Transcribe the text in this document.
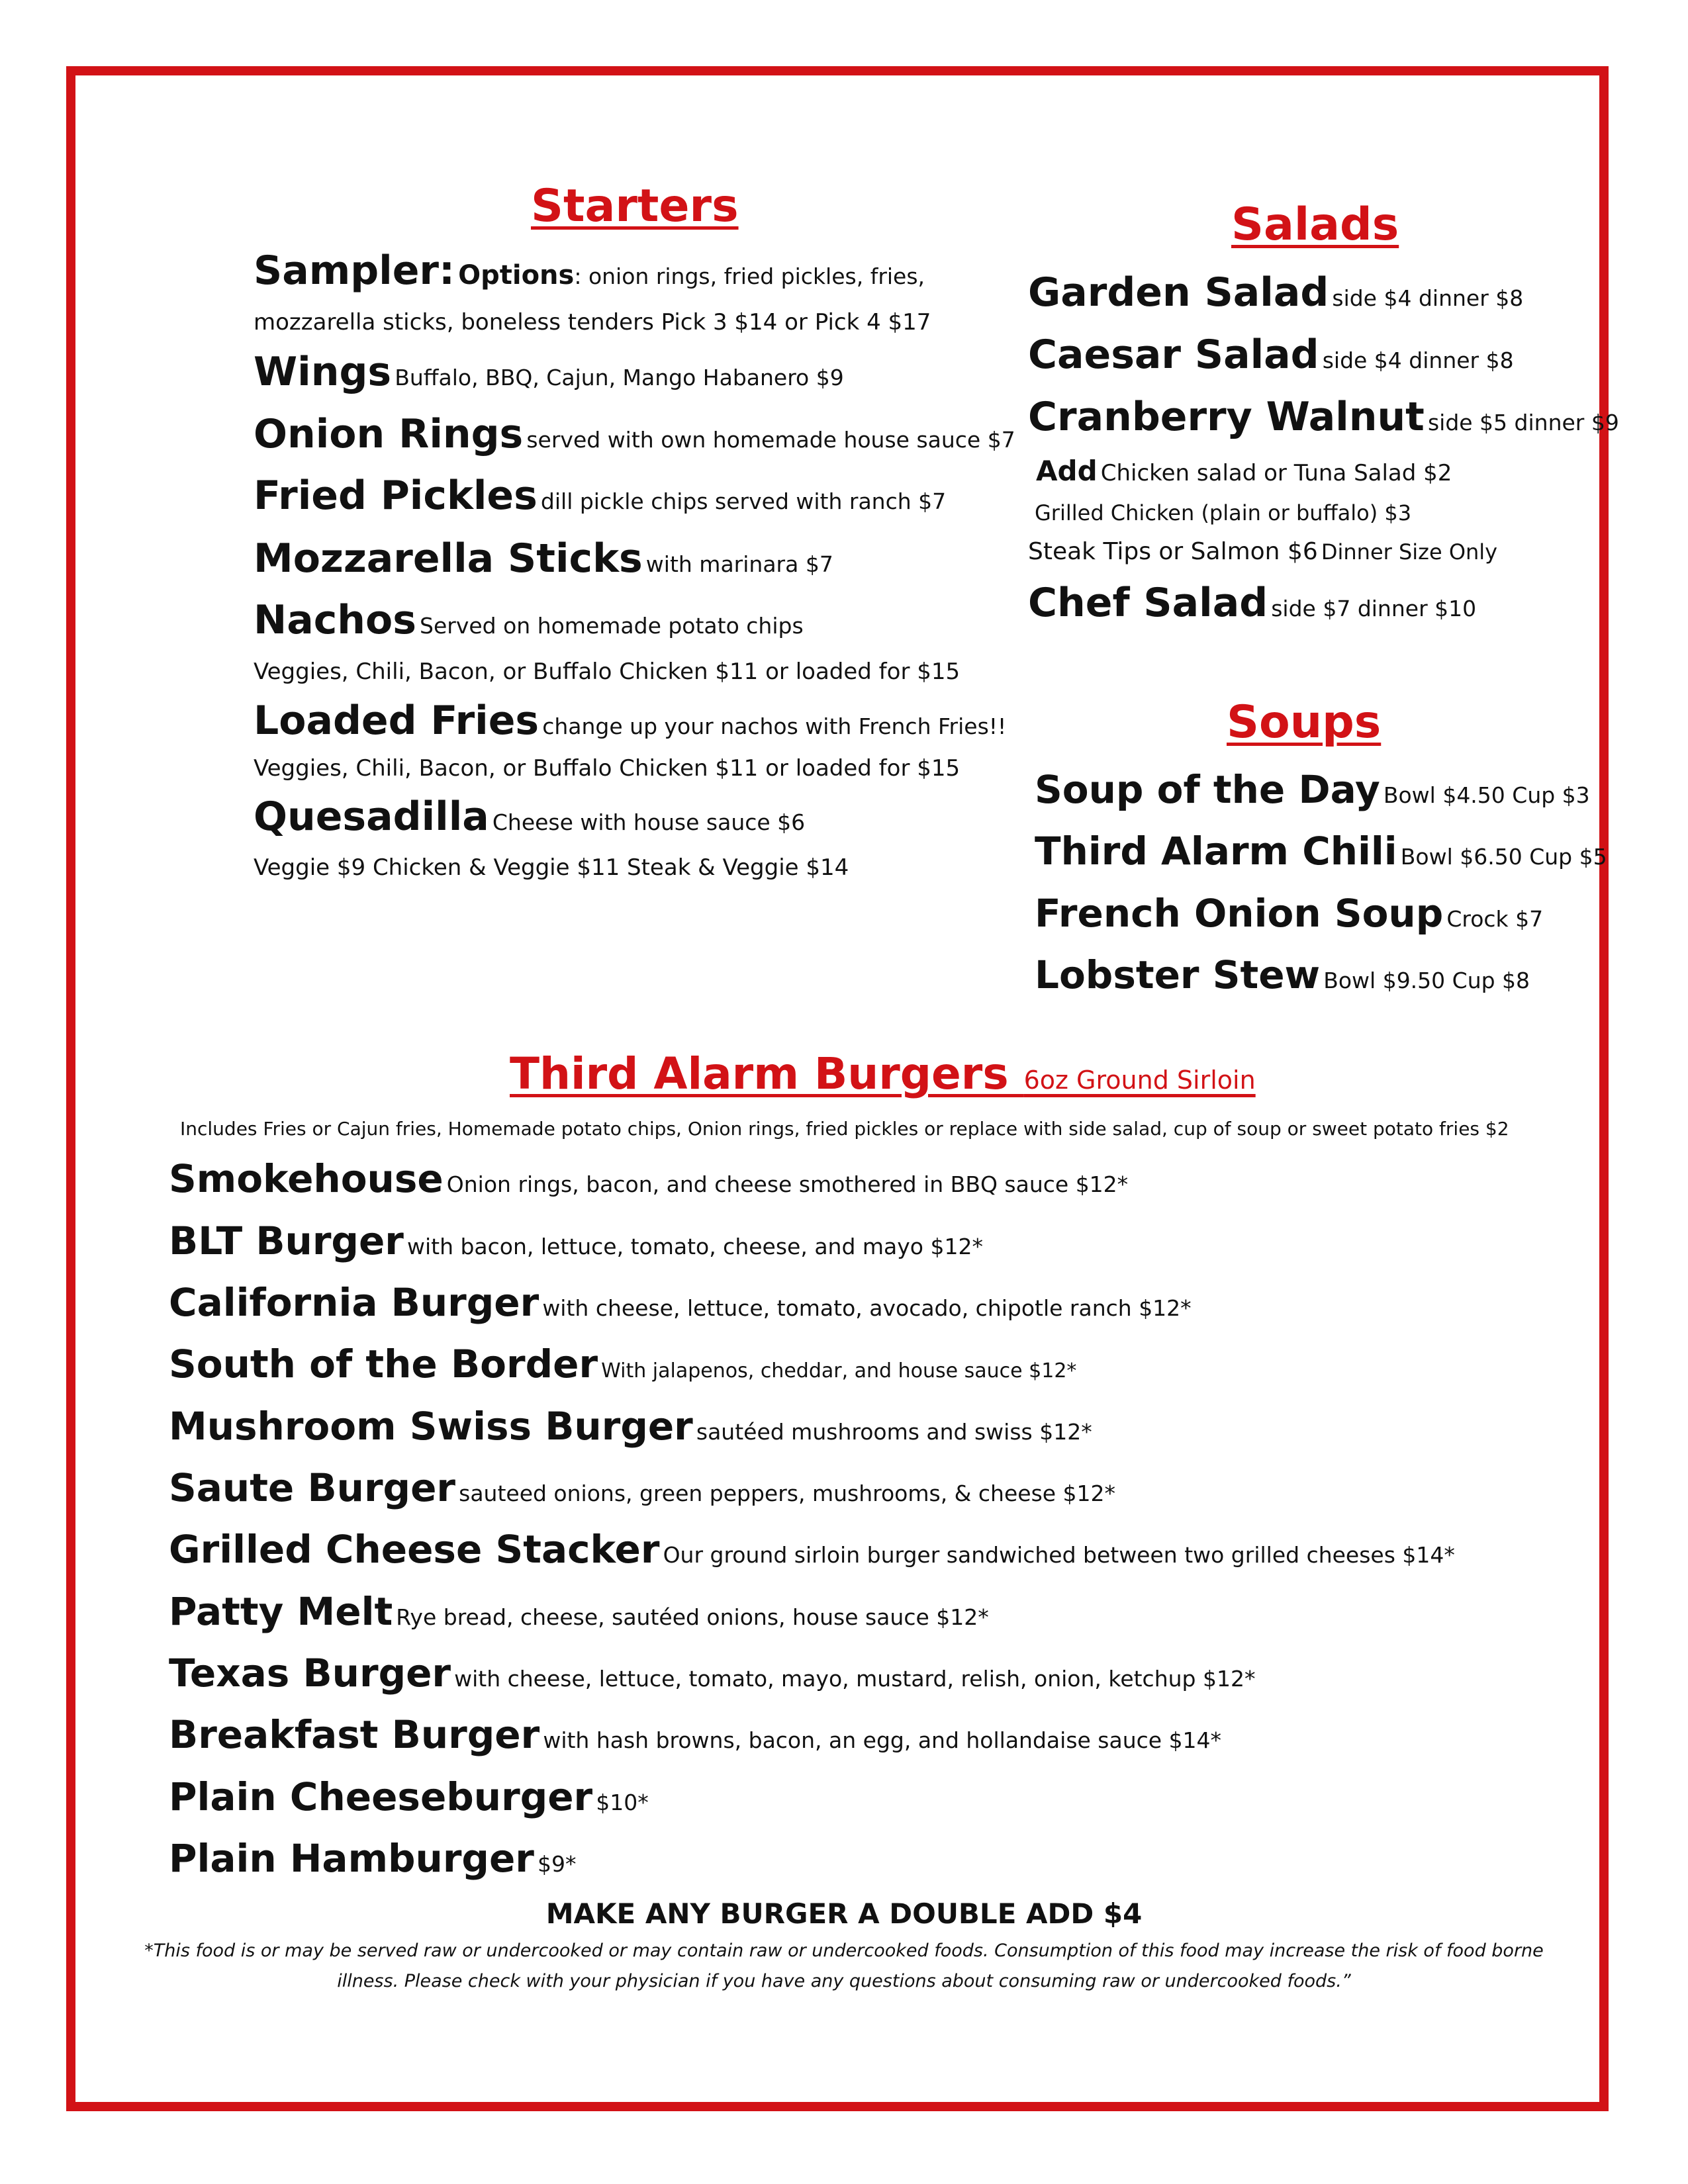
Starters
Sampler: Options: onion rings, fried pickles, fries,
mozzarella sticks, boneless tenders Pick 3 $14 or Pick 4 $17
Wings Buffalo, BBQ, Cajun, Mango Habanero $9
Onion Rings served with own homemade house sauce $7
Fried Pickles dill pickle chips served with ranch $7
Mozzarella Sticks with marinara $7
Nachos Served on homemade potato chips
Veggies, Chili, Bacon, or Buffalo Chicken $11 or loaded for $15
Loaded Fries change up your nachos with French Fries!!
Veggies, Chili, Bacon, or Buffalo Chicken $11 or loaded for $15
Quesadilla Cheese with house sauce $6
Veggie $9 Chicken & Veggie $11 Steak & Veggie $14
Salads
Garden Salad side $4 dinner $8
Caesar Salad side $4 dinner $8
Cranberry Walnut side $5 dinner $9
Add Chicken salad or Tuna Salad $2
Grilled Chicken (plain or buffalo) $3
Steak Tips or Salmon $6 Dinner Size Only
Chef Salad side $7 dinner $10
Soups
Soup of the Day Bowl $4.50 Cup $3
Third Alarm Chili Bowl $6.50 Cup $5
French Onion Soup Crock $7
Lobster Stew Bowl $9.50 Cup $8
Third Alarm Burgers 6oz Ground Sirloin
Includes Fries or Cajun fries, Homemade potato chips, Onion rings, fried pickles or replace with side salad, cup of soup or sweet potato fries $2
Smokehouse Onion rings, bacon, and cheese smothered in BBQ sauce $12*
BLT Burger with bacon, lettuce, tomato, cheese, and mayo $12*
California Burger with cheese, lettuce, tomato, avocado, chipotle ranch $12*
South of the Border With jalapenos, cheddar, and house sauce $12*
Mushroom Swiss Burger sautéed mushrooms and swiss $12*
Saute Burger sauteed onions, green peppers, mushrooms, & cheese $12*
Grilled Cheese Stacker Our ground sirloin burger sandwiched between two grilled cheeses $14*
Patty Melt Rye bread, cheese, sautéed onions, house sauce $12*
Texas Burger with cheese, lettuce, tomato, mayo, mustard, relish, onion, ketchup $12*
Breakfast Burger with hash browns, bacon, an egg, and hollandaise sauce $14*
Plain Cheeseburger $10*
Plain Hamburger $9*
MAKE ANY BURGER A DOUBLE ADD $4
*This food is or may be served raw or undercooked or may contain raw or undercooked foods. Consumption of this food may increase the risk of food borne
illness. Please check with your physician if you have any questions about consuming raw or undercooked foods.”
